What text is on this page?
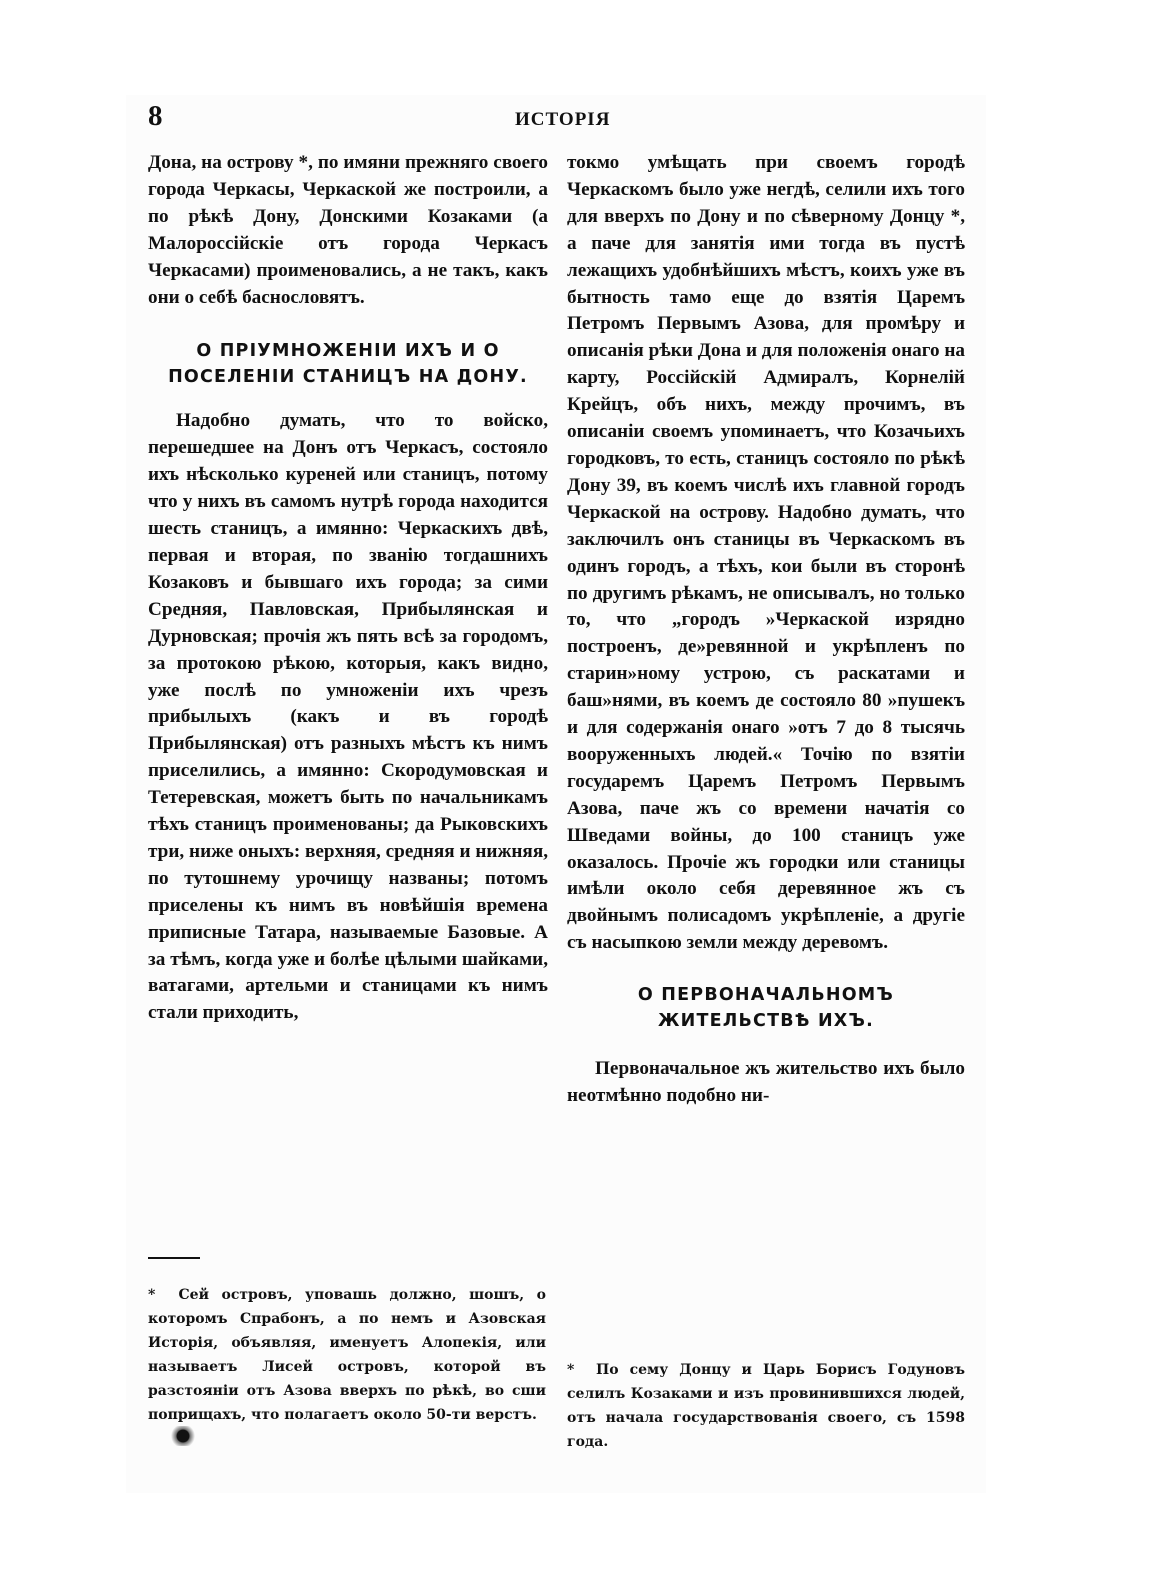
8	ИСТОРІЯ

Дона, на острову *, по имяни прежняго своего города Черкасы, Черкаской же построили, а по рѣкѣ Дону, Донскими Козаками (а Малороссійскіе отъ города Черкасъ Черкасами) проименовались, а не такъ, какъ они о себѣ баснословятъ.

О ПРІУМНОЖЕНІИ ИХЪ И О ПОСЕЛЕНІИ СТАНИЦЪ НА ДОНУ.

Надобно думать, что то войско, перешедшее на Донъ отъ Черкасъ, состояло ихъ нѣсколько куреней или станицъ, потому что у нихъ въ самомъ нутрѣ города находится шесть станицъ, а имянно: Черкаскихъ двѣ, первая и вторая, по званію тогдашнихъ Козаковъ и бывшаго ихъ города; за сими Средняя, Павловская, Прибылянская и Дурновская; прочія жъ пять всѣ за городомъ, за протокою рѣкою, которыя, какъ видно, уже послѣ по умноженіи ихъ чрезъ прибылыхъ (какъ и въ городѣ Прибылянская) отъ разныхъ мѣстъ къ нимъ приселились, а имянно: Скородумовская и Тетеревская, можетъ быть по начальникамъ тѣхъ станицъ проименованы; да Рыковскихъ три, ниже оныхъ: верхняя, средняя и нижняя, по тутошнему урочищу названы; потомъ приселены къ нимъ въ новѣйшія времена приписные Татара, называемые Базовые. А за тѣмъ, когда уже и болѣе цѣлыми шайками, ватагами, артельми и станицами къ нимъ стали приходить,

токмо умѣщать при своемъ городѣ Черкаскомъ было уже негдѣ, селили ихъ того для вверхъ по Дону и по сѣверному Донцу *, а паче для занятія ими тогда въ пустѣ лежащихъ удобнѣйшихъ мѣстъ, коихъ уже въ бытность тамо еще до взятія Царемъ Петромъ Первымъ Азова, для промѣру и описанія рѣки Дона и для положенія онаго на карту, Россійскій Адмиралъ, Корнелій Крейцъ, объ нихъ, между прочимъ, въ описаніи своемъ упоминаетъ, что Козачьихъ городковъ, то есть, станицъ состояло по рѣкѣ Дону 39, въ коемъ числѣ ихъ главной городъ Черкаской на острову. Надобно думать, что заключилъ онъ станицы въ Черкаскомъ въ одинъ городъ, а тѣхъ, кои были въ сторонѣ по другимъ рѣкамъ, не описывалъ, но только то, что „городъ »Черкаской изрядно построенъ, де»ревянной и укрѣпленъ по старин»ному устрою, съ раскатами и баш»нями, въ коемъ де состояло 80 »пушекъ и для содержанія онаго »отъ 7 до 8 тысячь вооруженныхъ людей.« Точію по взятіи государемъ Царемъ Петромъ Первымъ Азова, паче жъ со времени начатія со Шведами войны, до 100 станицъ уже оказалось. Прочіе жъ городки или станицы имѣли около себя деревянное жъ съ двойнымъ полисадомъ укрѣпленіе, а другіе съ насыпкою земли между деревомъ.

О ПЕРВОНАЧАЛЬНОМЪ ЖИТЕЛЬСТВѢ ИХЪ.

Первоначальное жъ жительство ихъ было неотмѣнно подобно ни-

* Сей островъ, уповашь должно, шошъ, о которомъ Спрабонъ, а по немъ и Азовская Исторія, объявляя, именуетъ Алопекія, или называетъ Лисей островъ, которой въ разстояніи отъ Азова вверхъ по рѣкѣ, во сши поприщахъ, что полагаетъ около 50-ти верстъ.
* По сему Донцу и Царь Борисъ Годуновъ селилъ Козаками и изъ провинившихся людей, отъ начала государствованія своего, съ 1598 года.
